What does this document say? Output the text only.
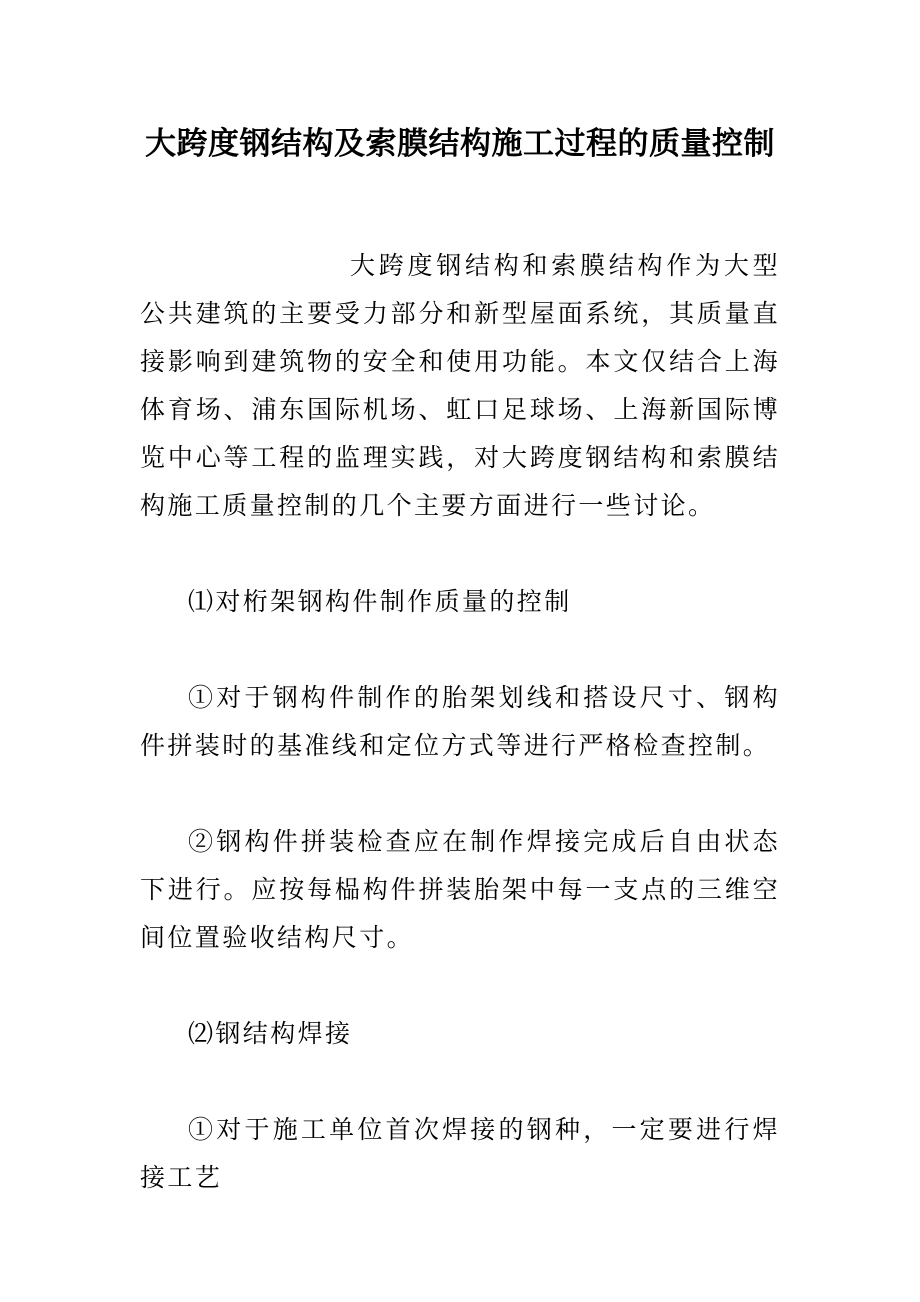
大跨度钢结构及索膜结构施工过程的质量控制

大跨度钢结构和索膜结构作为大型公共建筑的主要受力部分和新型屋面系统，其质量直接影响到建筑物的安全和使用功能。本文仅结合上海体育场、浦东国际机场、虹口足球场、上海新国际博览中心等工程的监理实践，对大跨度钢结构和索膜结构施工质量控制的几个主要方面进行一些讨论。

⑴对桁架钢构件制作质量的控制

①对于钢构件制作的胎架划线和搭设尺寸、钢构件拼装时的基准线和定位方式等进行严格检查控制。

②钢构件拼装检查应在制作焊接完成后自由状态下进行。应按每榀构件拼装胎架中每一支点的三维空间位置验收结构尺寸。

⑵钢结构焊接

①对于施工单位首次焊接的钢种，一定要进行焊接工艺
